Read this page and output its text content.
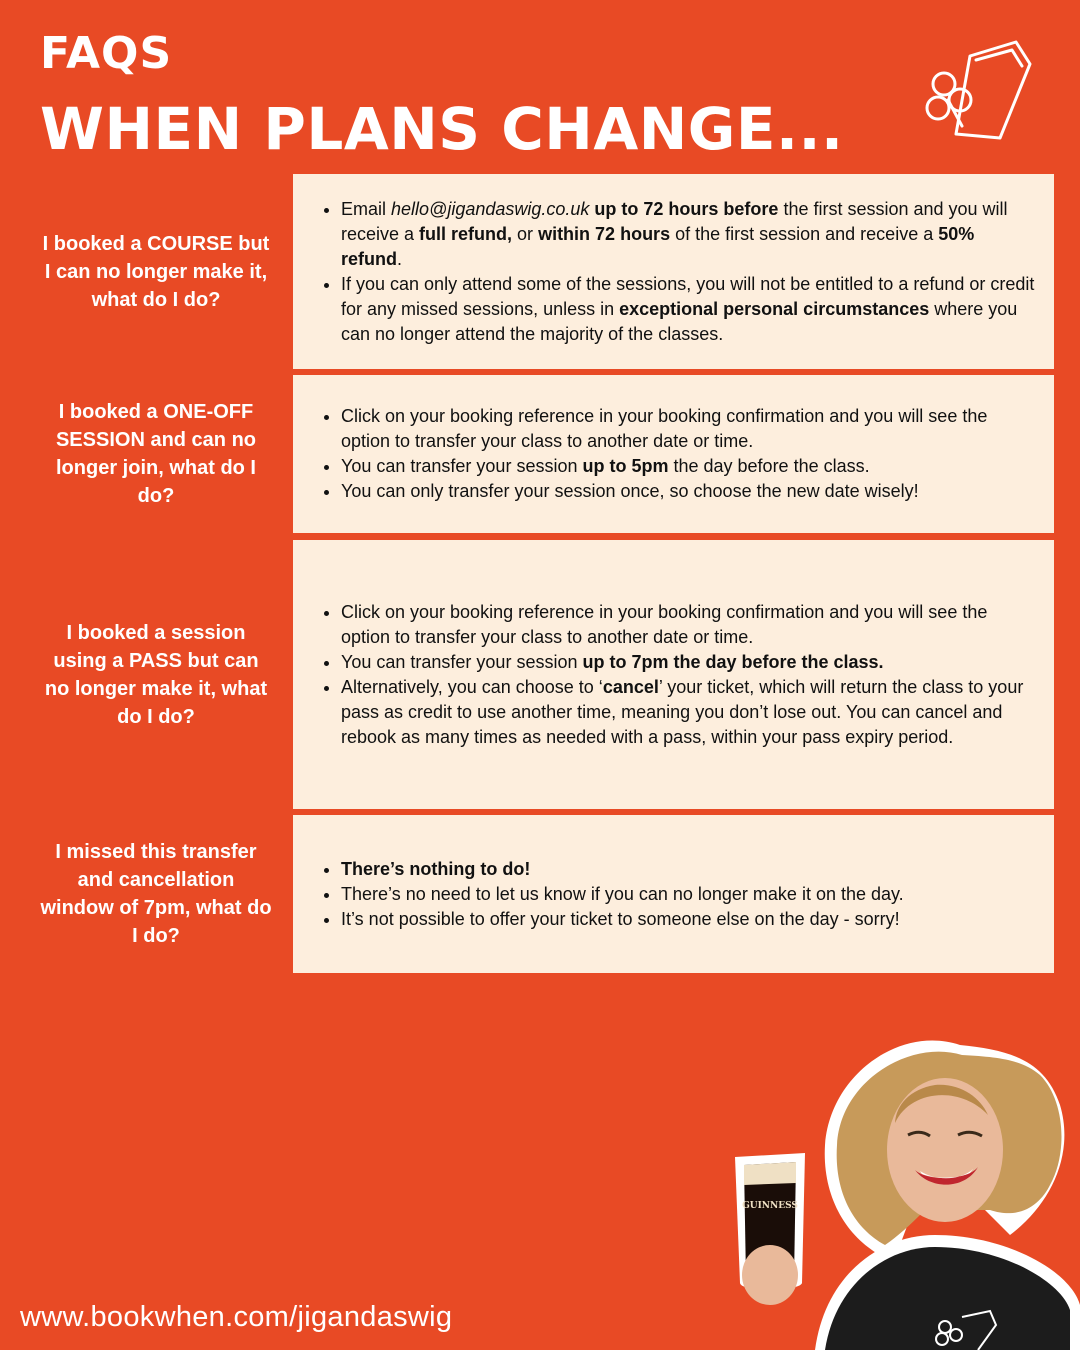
FAQS
WHEN PLANS CHANGE...
I booked a COURSE but I can no longer make it, what do I do?
• Email hello@jigandaswig.co.uk up to 72 hours before the first session and you will receive a full refund, or within 72 hours of the first session and receive a 50% refund.
• If you can only attend some of the sessions, you will not be entitled to a refund or credit for any missed sessions, unless in exceptional personal circumstances where you can no longer attend the majority of the classes.
I booked a ONE-OFF SESSION and can no longer join, what do I do?
• Click on your booking reference in your booking confirmation and you will see the option to transfer your class to another date or time.
• You can transfer your session up to 5pm the day before the class.
• You can only transfer your session once, so choose the new date wisely!
I booked a session using a PASS but can no longer make it, what do I do?
• Click on your booking reference in your booking confirmation and you will see the option to transfer your class to another date or time.
• You can transfer your session up to 7pm the day before the class.
• Alternatively, you can choose to ‘cancel’ your ticket, which will return the class to your pass as credit to use another time, meaning you don’t lose out. You can cancel and rebook as many times as needed with a pass, within your pass expiry period.
I missed this transfer and cancellation window of 7pm, what do I do?
• There’s nothing to do!
• There’s no need to let us know if you can no longer make it on the day.
• It’s not possible to offer your ticket to someone else on the day - sorry!
GUINNESS
www.bookwhen.com/jigandaswig
